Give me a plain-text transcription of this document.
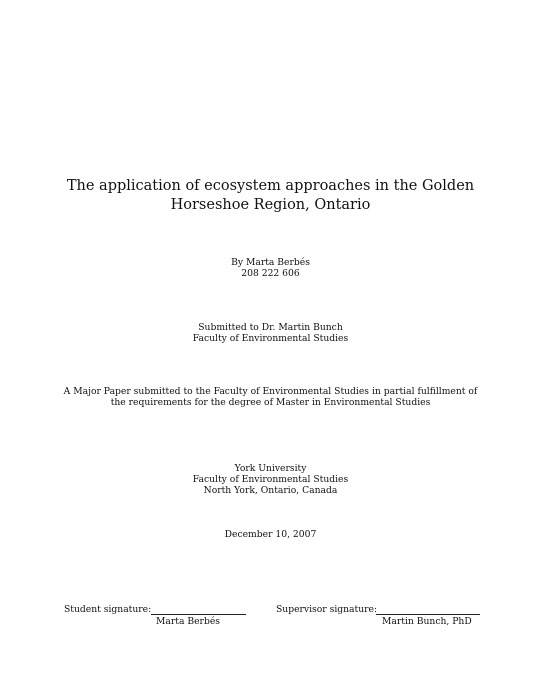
The application of ecosystem approaches in the Golden
Horseshoe Region, Ontario
By Marta Berbés
208 222 606
Submitted to Dr. Martin Bunch
Faculty of Environmental Studies
A Major Paper submitted to the Faculty of Environmental Studies in partial fulfillment of
the requirements for the degree of Master in Environmental Studies
York University
Faculty of Environmental Studies
North York, Ontario, Canada
December 10, 2007
Student signature:
Marta Berbés
Supervisor signature:
Martin Bunch, PhD
